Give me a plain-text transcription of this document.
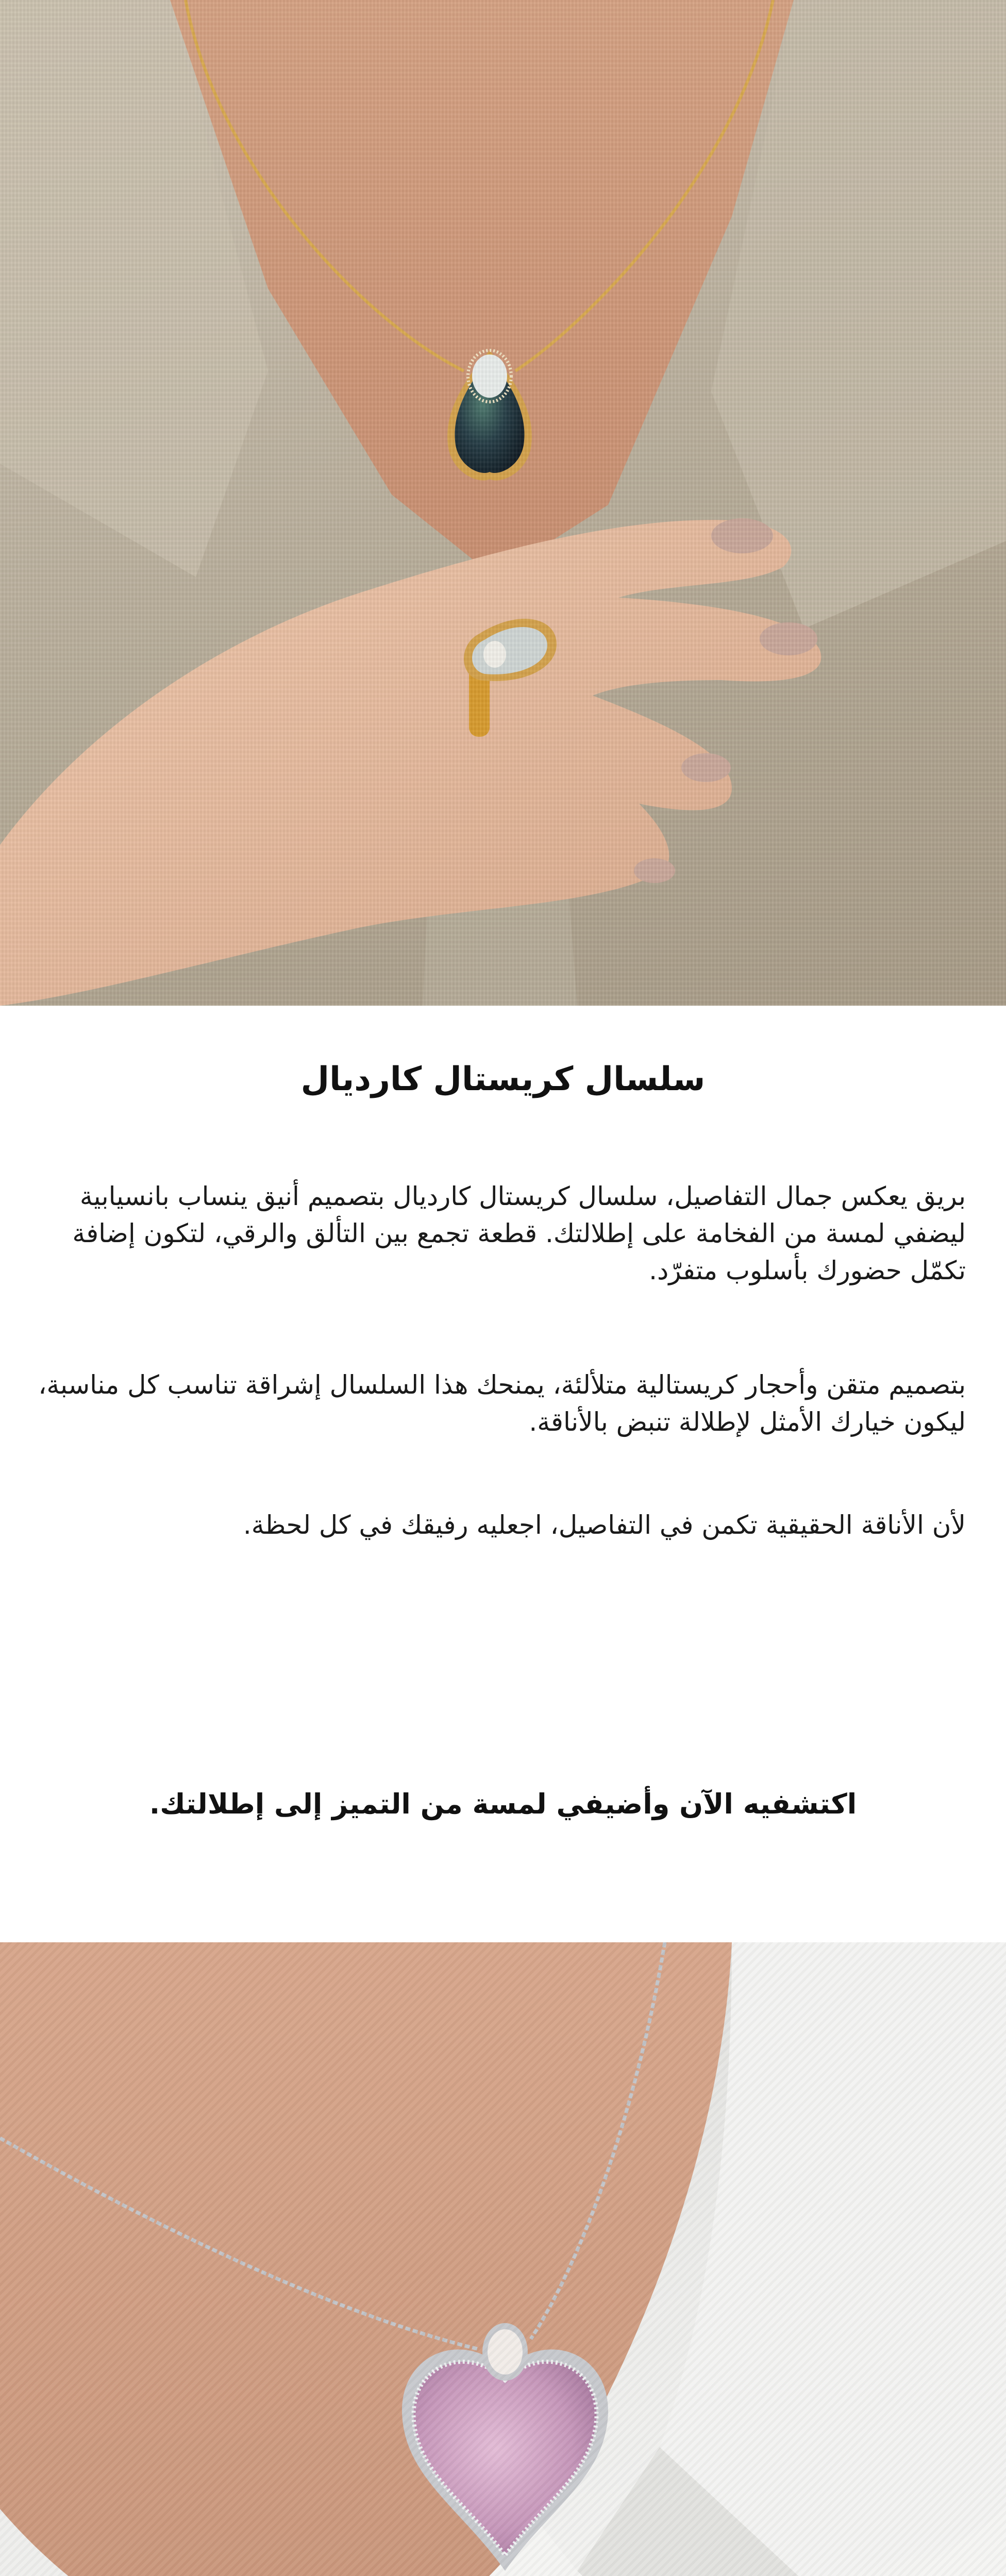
سلسال كريستال كارديال

بريق يعكس جمال التفاصيل، سلسال كريستال كارديال بتصميم أنيق ينساب بانسيابية ليضفي لمسة من الفخامة على إطلالتك. قطعة تجمع بين التألق والرقي، لتكون إضافة تكمّل حضورك بأسلوب متفرّد.

بتصميم متقن وأحجار كريستالية متلألئة، يمنحك هذا السلسال إشراقة تناسب كل مناسبة، ليكون خيارك الأمثل لإطلالة تنبض بالأناقة.

لأن الأناقة الحقيقية تكمن في التفاصيل، اجعليه رفيقك في كل لحظة.

اكتشفيه الآن وأضيفي لمسة من التميز إلى إطلالتك.
